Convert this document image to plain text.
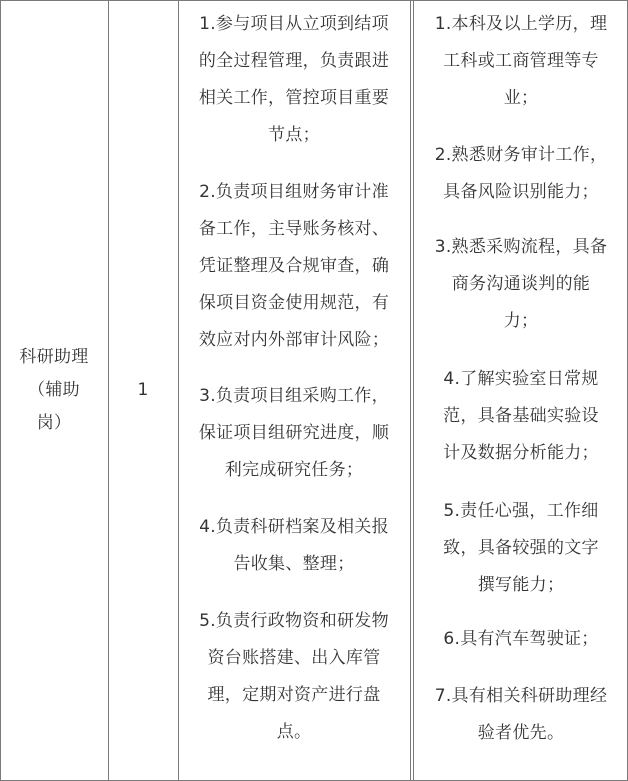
科研助理
（辅助
岗）
1
1.参与项目从立项到结项
的全过程管理，负责跟进
相关工作，管控项目重要
节点；
2.负责项目组财务审计准
备工作，主导账务核对、
凭证整理及合规审查，确
保项目资金使用规范，有
效应对内外部审计风险；
3.负责项目组采购工作，
保证项目组研究进度，顺
利完成研究任务；
4.负责科研档案及相关报
告收集、整理；
5.负责行政物资和研发物
资台账搭建、出入库管
理，定期对资产进行盘
点。
1.本科及以上学历，理
工科或工商管理等专
业；
2.熟悉财务审计工作，
具备风险识别能力；
3.熟悉采购流程，具备
商务沟通谈判的能
力；
4.了解实验室日常规
范，具备基础实验设
计及数据分析能力；
5.责任心强，工作细
致，具备较强的文字
撰写能力；
6.具有汽车驾驶证；
7.具有相关科研助理经
验者优先。
